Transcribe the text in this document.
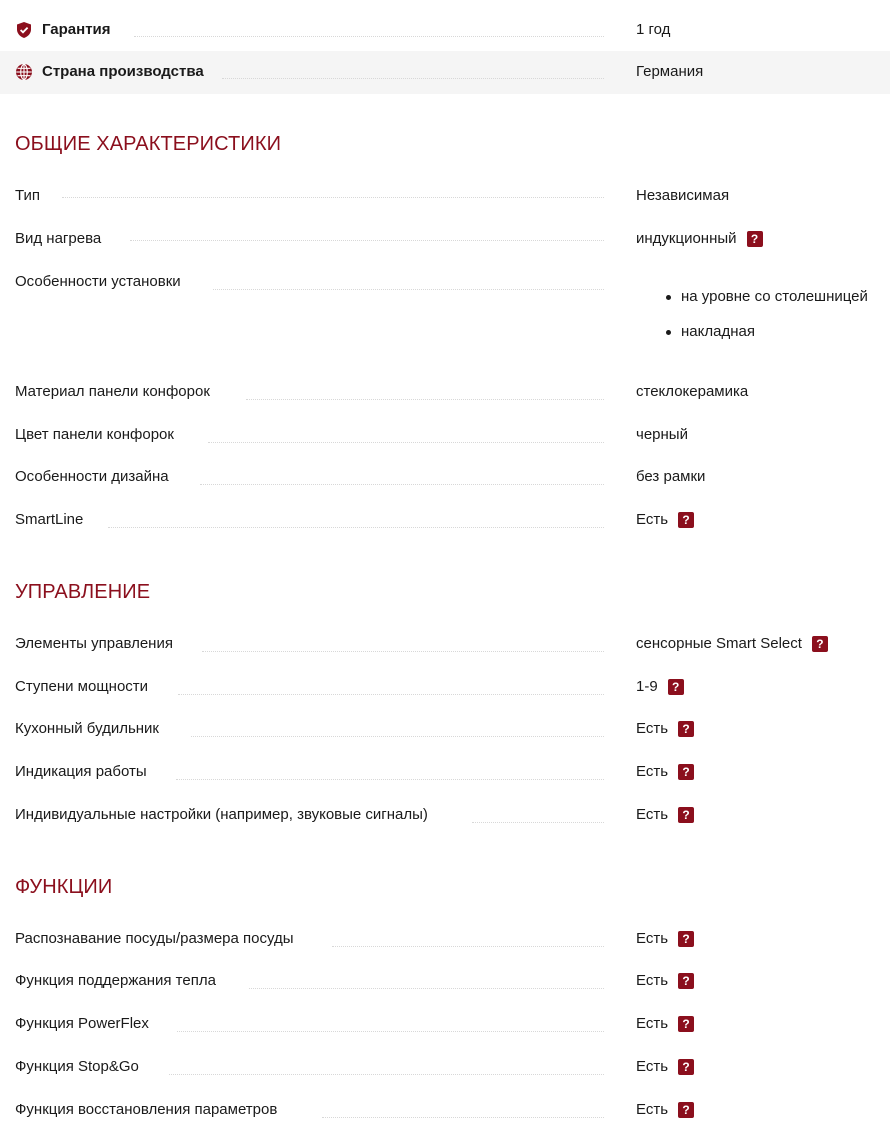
Гарантия	1 год
Страна производства	Германия
ОБЩИЕ ХАРАКТЕРИСТИКИ
Тип	Независимая
Вид нагрева	индукционный	?
Особенности установки
на уровне со столешницей
накладная
Материал панели конфорок	стеклокерамика
Цвет панели конфорок	черный
Особенности дизайна	без рамки
SmartLine	Есть	?
УПРАВЛЕНИЕ
Элементы управления	сенсорные Smart Select	?
Ступени мощности	1-9	?
Кухонный будильник	Есть	?
Индикация работы	Есть	?
Индивидуальные настройки (например, звуковые сигналы)	Есть	?
ФУНКЦИИ
Распознавание посуды/размера посуды	Есть	?
Функция поддержания тепла	Есть	?
Функция PowerFlex	Есть	?
Функция Stop&Go	Есть	?
Функция восстановления параметров	Есть	?
